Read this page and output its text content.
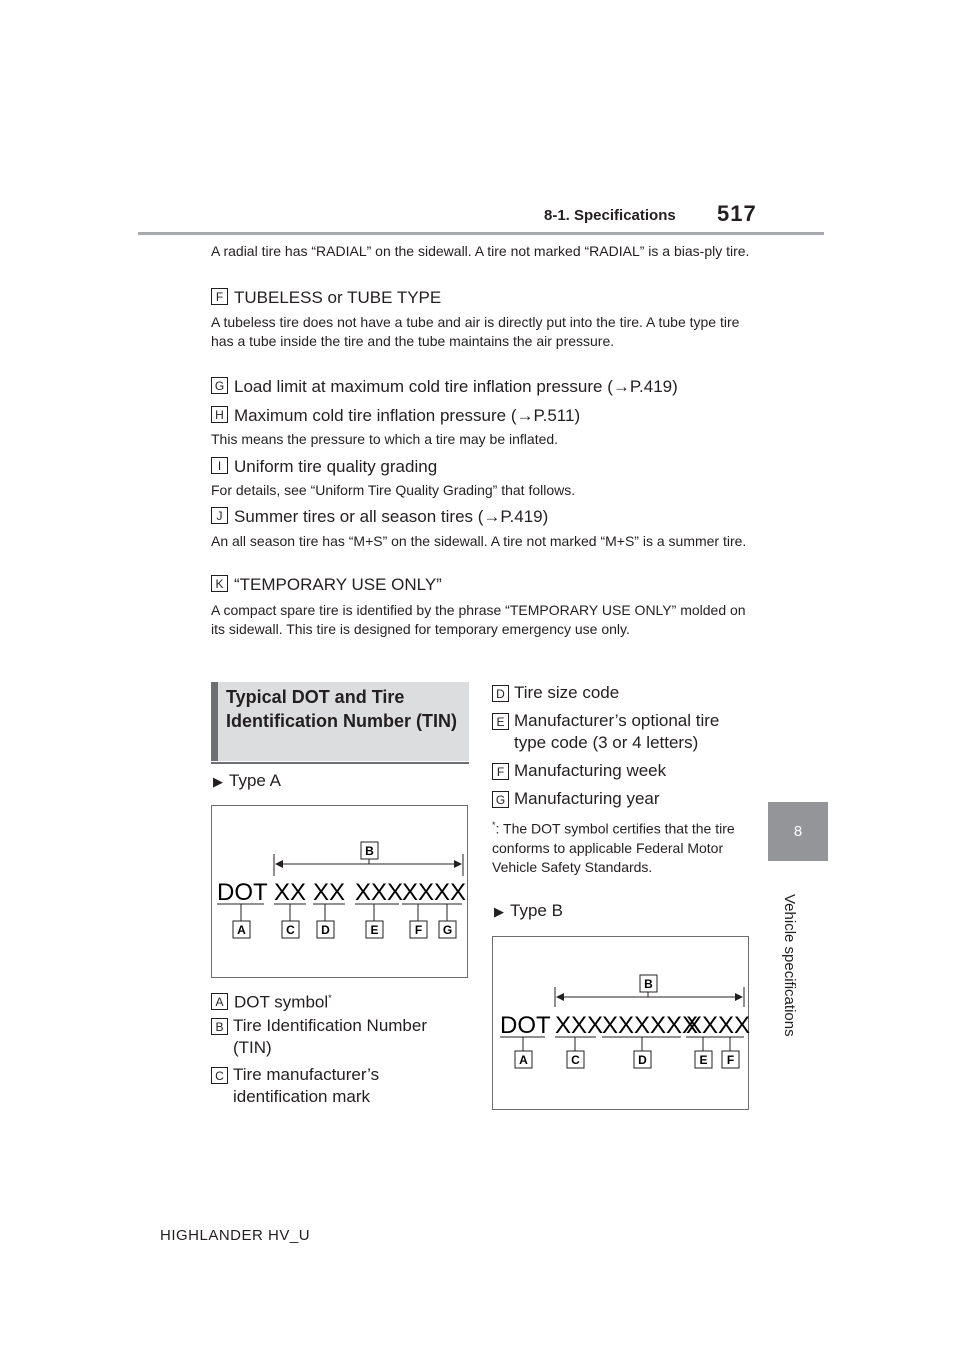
8-1. Specifications 517
8
Vehicle specifications
A radial tire has “RADIAL” on the sidewall. A tire not marked “RADIAL” is a bias-ply tire.
F TUBELESS or TUBE TYPE
A tubeless tire does not have a tube and air is directly put into the tire. A tube type tire has a tube inside the tire and the tube maintains the air pressure.
G Load limit at maximum cold tire inflation pressure (→P.419)
H Maximum cold tire inflation pressure (→P.511)
This means the pressure to which a tire may be inflated.
I Uniform tire quality grading
For details, see “Uniform Tire Quality Grading” that follows.
J Summer tires or all season tires (→P.419)
An all season tire has “M+S” on the sidewall. A tire not marked “M+S” is a summer tire.
K “TEMPORARY USE ONLY”
A compact spare tire is identified by the phrase “TEMPORARY USE ONLY” molded on its sidewall. This tire is designed for temporary emergency use only.
Typical DOT and Tire Identification Number (TIN)
▶ Type A
B
DOT XX XX XXX
XXXX
A	C D	E	F G
A DOT symbol*
B Tire Identification Number (TIN)
C Tire manufacturer’s identification mark
D Tire size code
E Manufacturer’s optional tire type code (3 or 4 letters)
F Manufacturing week
G Manufacturing year
*: The DOT symbol certifies that the tire conforms to applicable Federal Motor Vehicle Safety Standards.
▶ Type B
B
DOT XXX
XXXXXX
XXXX
A	C	D	E F
HIGHLANDER HV_U
